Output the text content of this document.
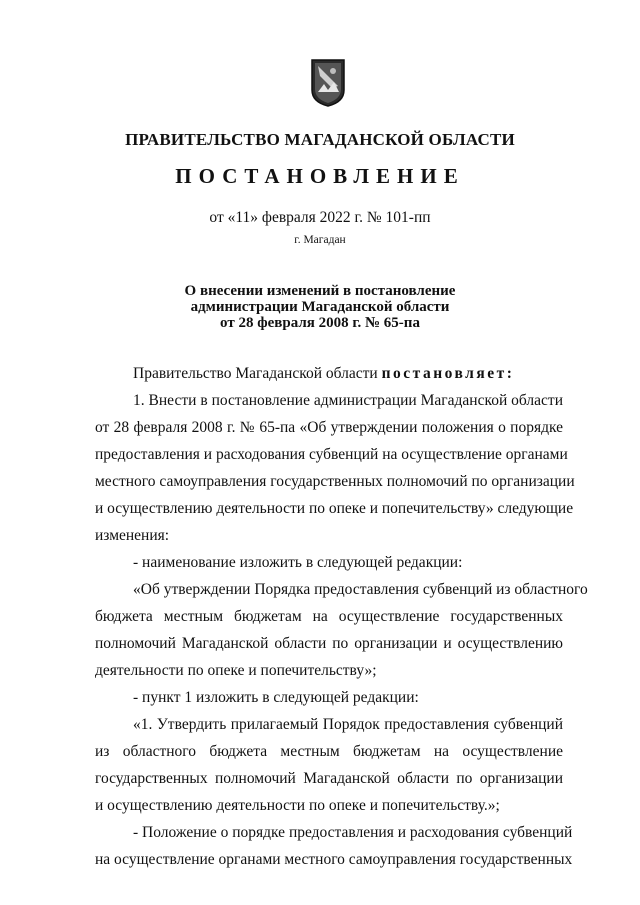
ПРАВИТЕЛЬСТВО МАГАДАНСКОЙ ОБЛАСТИ
ПОСТАНОВЛЕНИЕ
от «11» февраля 2022 г. № 101-пп
г. Магадан
О внесении изменений в постановление
администрации Магаданской области
от 28 февраля 2008 г. № 65-па
Правительство Магаданской области постановляет:
1. Внести в постановление администрации Магаданской области
от 28 февраля 2008 г. № 65-па «Об утверждении положения о порядке
предоставления и расходования субвенций на осуществление органами
местного самоуправления государственных полномочий по организации
и осуществлению деятельности по опеке и попечительству» следующие
изменения:
- наименование изложить в следующей редакции:
«Об утверждении Порядка предоставления субвенций из областного
бюджета местным бюджетам на осуществление государственных
полномочий Магаданской области по организации и осуществлению
деятельности по опеке и попечительству»;
- пункт 1 изложить в следующей редакции:
«1. Утвердить прилагаемый Порядок предоставления субвенций
из областного бюджета местным бюджетам на осуществление
государственных полномочий Магаданской области по организации
и осуществлению деятельности по опеке и попечительству.»;
- Положение о порядке предоставления и расходования субвенций
на осуществление органами местного самоуправления государственных
